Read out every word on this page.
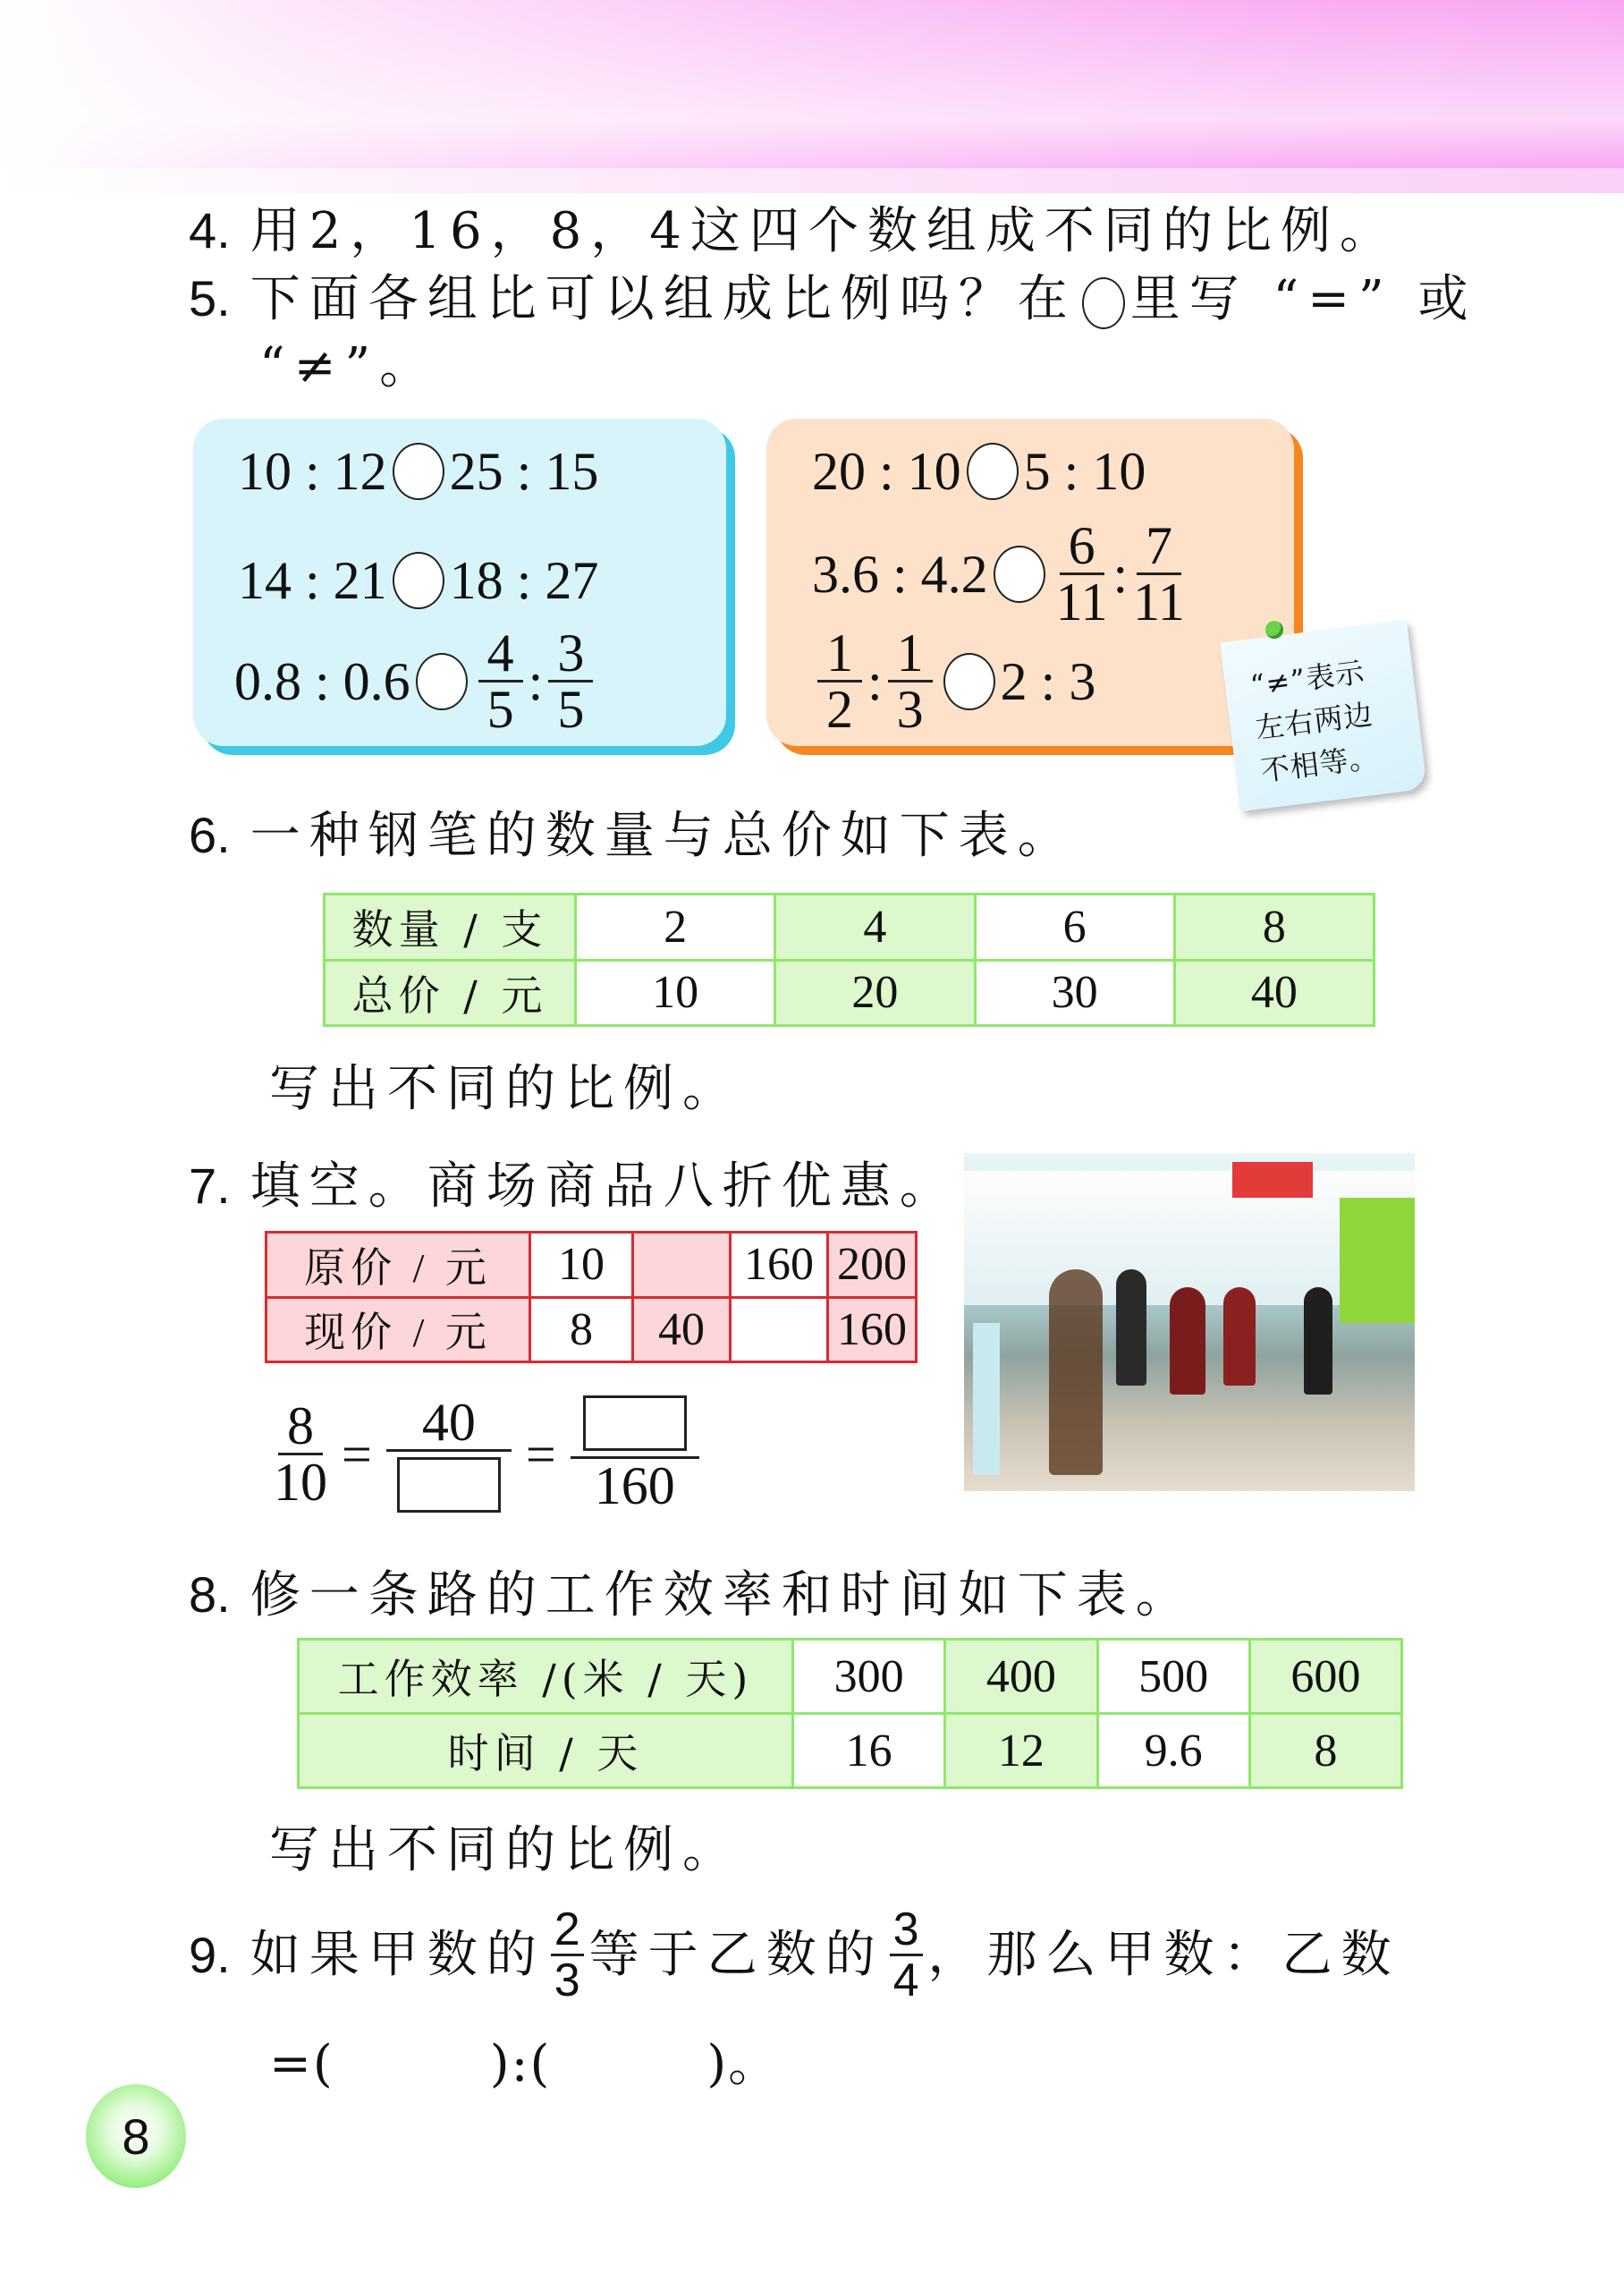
4. 用2，16，8，4这四个数组成不同的比例。
5. 下面各组比可以组成比例吗？在 里写 “=” 或
“≠”。
10 : 12 25 : 15
14 : 21 18 : 27
0.8 : $0.6 \frac{4}{5}$ : $\frac{3}{5}$
20 : 10 5 : 10
3.6 : $4.2 \frac{6}{11}$ : $\frac{7}{11}$
$\frac{1}{2}$ : $\frac{1}{3} 2$ : 3	“≠”表示
左右两边
不相等。
6. 一种钢笔的数量与总价如下表。
数量 / 支	2	4	6	8
总价 / 元	10	20	30	40
写出不同的比例。
7. 填空。商场商品八折优惠。
原价 / 元	10		160	200
现价 / 元	8	40		160
$\frac{8}{10}$ =
40
=
160
8. 修一条路的工作效率和时间如下表。
工作效率 /(米 / 天)	300	400	500	600
时间 / 天	16	12	9.6	8
写出不同的比例。
9. 如果甲数的 $\frac{2}{3}$ 等于乙数的 $\frac{3}{4}$ ，那么甲数：乙数
=(　　　):(　　　)。
8
